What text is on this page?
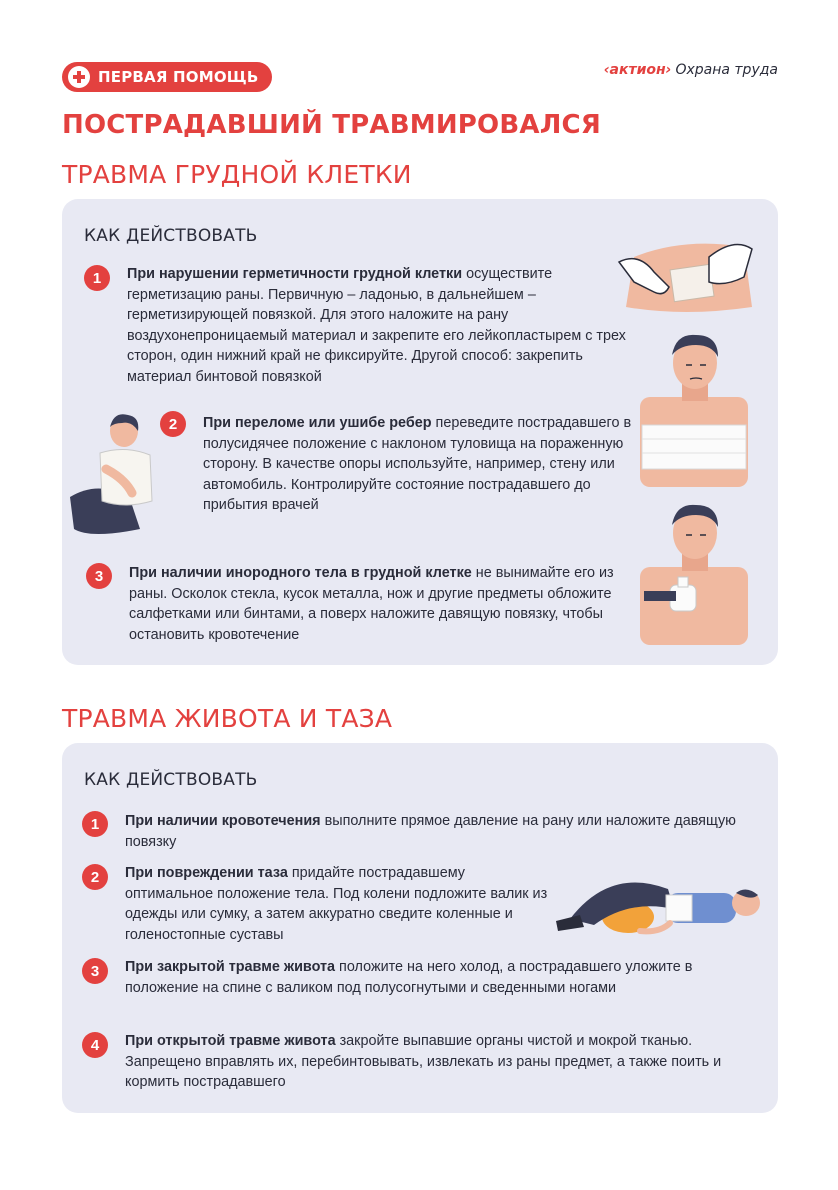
ПЕРВАЯ ПОМОЩЬ	‹актион› Охрана труда
ПОСТРАДАВШИЙ ТРАВМИРОВАЛСЯ
ТРАВМА ГРУДНОЙ КЛЕТКИ
КАК ДЕЙСТВОВАТЬ
1	При нарушении герметичности грудной клетки осуществите герметизацию раны. Первичную – ладонью, в дальнейшем – герметизирующей повязкой. Для этого наложите на рану воздухонепроницаемый материал и закрепите его лейкопластырем с трех сторон, один нижний край не фиксируйте. Другой способ: закрепить материал бинтовой повязкой
2	При переломе или ушибе ребер переведите пострадавшего в полусидячее положение с наклоном туловища на пораженную сторону. В качестве опоры используйте, например, стену или автомобиль. Контролируйте состояние пострадавшего до прибытия врачей
3	При наличии инородного тела в грудной клетке не вынимайте его из раны. Осколок стекла, кусок металла, нож и другие предметы обложите салфетками или бинтами, а поверх наложите давящую повязку, чтобы остановить кровотечение
ТРАВМА ЖИВОТА И ТАЗА
КАК ДЕЙСТВОВАТЬ
1	При наличии кровотечения выполните прямое давление на рану или наложите давящую повязку
2	При повреждении таза придайте пострадавшему оптимальное положение тела. Под колени подложите валик из одежды или сумку, а затем аккуратно сведите коленные и голеностопные суставы
3	При закрытой травме живота положите на него холод, а пострадавшего уложите в положение на спине с валиком под полусогнутыми и сведенными ногами
4	При открытой травме живота закройте выпавшие органы чистой и мокрой тканью. Запрещено вправлять их, перебинтовывать, извлекать из раны предмет, а также поить и кормить пострадавшего
